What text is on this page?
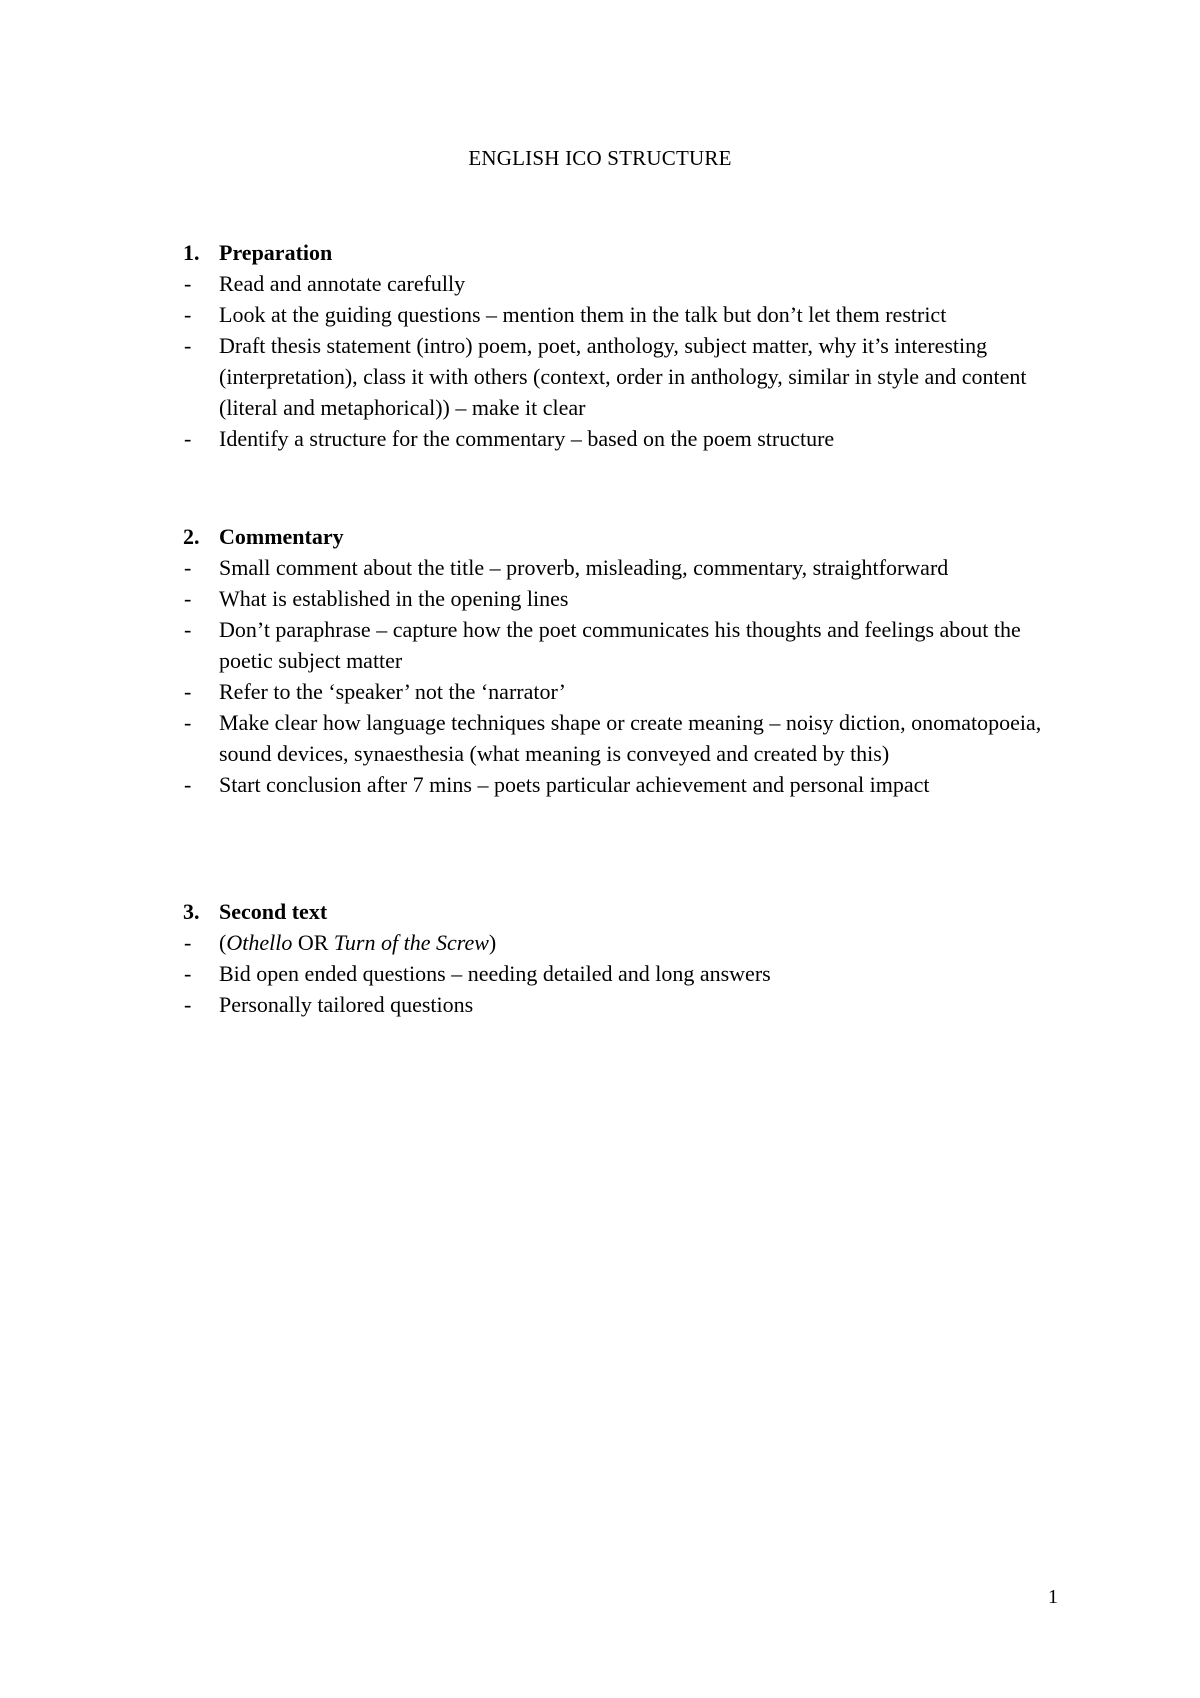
ENGLISH ICO STRUCTURE
1. Preparation
- Read and annotate carefully
- Look at the guiding questions – mention them in the talk but don’t let them restrict
- Draft thesis statement (intro) poem, poet, anthology, subject matter, why it’s interesting (interpretation), class it with others (context, order in anthology, similar in style and content (literal and metaphorical)) – make it clear
- Identify a structure for the commentary – based on the poem structure
2. Commentary
- Small comment about the title – proverb, misleading, commentary, straightforward
- What is established in the opening lines
- Don’t paraphrase – capture how the poet communicates his thoughts and feelings about the poetic subject matter
- Refer to the ‘speaker’ not the ‘narrator’
- Make clear how language techniques shape or create meaning – noisy diction, onomatopoeia, sound devices, synaesthesia (what meaning is conveyed and created by this)
- Start conclusion after 7 mins – poets particular achievement and personal impact
3. Second text
- (Othello OR Turn of the Screw)
- Bid open ended questions – needing detailed and long answers
- Personally tailored questions
1
